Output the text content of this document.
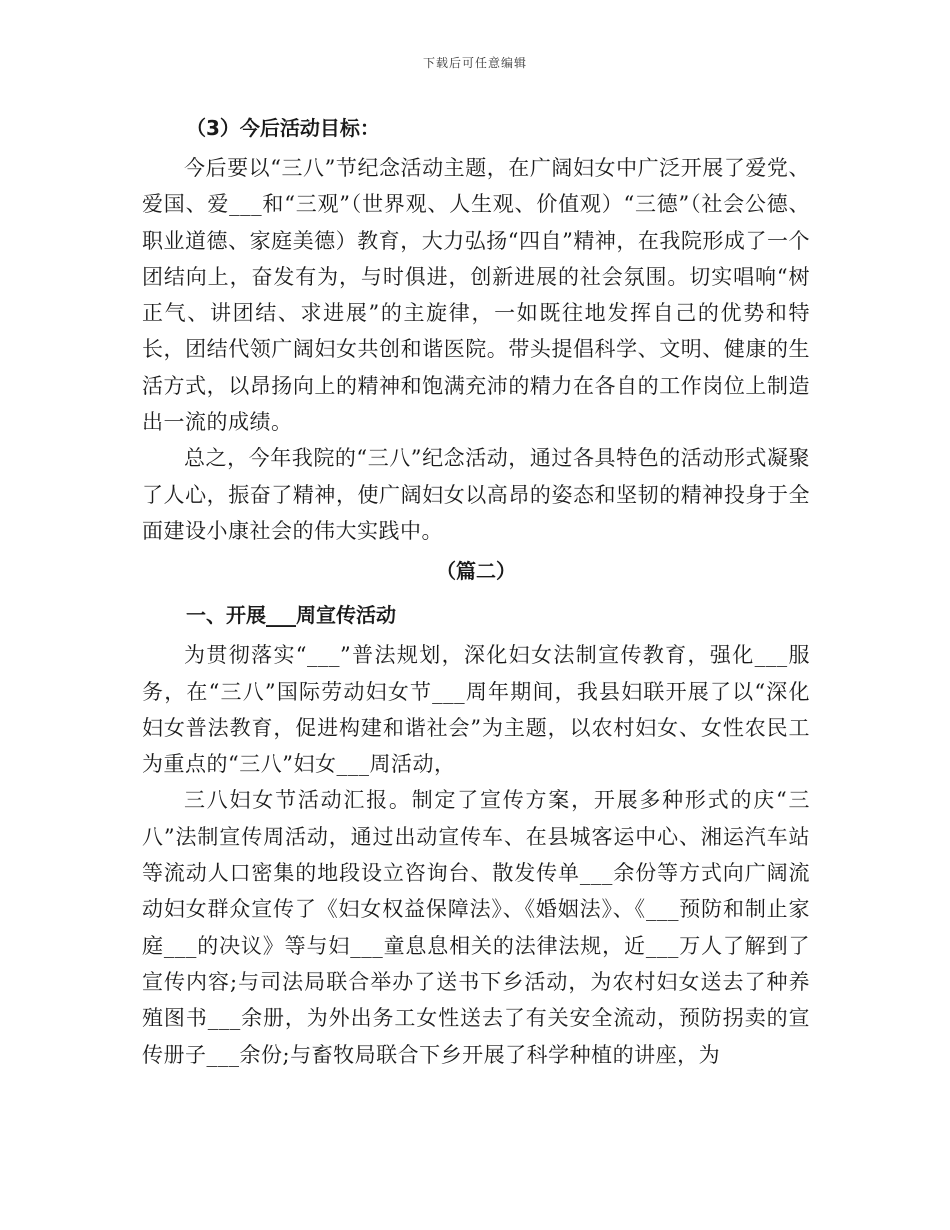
下载后可任意编辑
（3）今后活动目标：

今后要以“三八”节纪念活动主题，在广阔妇女中广泛开展了爱党、爱国、爱___和“三观”（世界观、人生观、价值观）“三德”（社会公德、职业道德、家庭美德）教育，大力弘扬“四自”精神，在我院形成了一个团结向上，奋发有为，与时俱进，创新进展的社会氛围。切实唱响“树正气、讲团结、求进展”的主旋律，一如既往地发挥自己的优势和特长，团结代领广阔妇女共创和谐医院。带头提倡科学、文明、健康的生活方式，以昂扬向上的精神和饱满充沛的精力在各自的工作岗位上制造出一流的成绩。

总之，今年我院的“三八”纪念活动，通过各具特色的活动形式凝聚了人心，振奋了精神，使广阔妇女以高昂的姿态和坚韧的精神投身于全面建设小康社会的伟大实践中。

（篇二）
一、开展___周宣传活动

为贯彻落实“___”普法规划，深化妇女法制宣传教育，强化___服务，在“三八”国际劳动妇女节___周年期间，我县妇联开展了以“深化妇女普法教育，促进构建和谐社会”为主题，以农村妇女、女性农民工为重点的“三八”妇女___周活动，

三八妇女节活动汇报。制定了宣传方案，开展多种形式的庆“三八”法制宣传周活动，通过出动宣传车、在县城客运中心、湘运汽车站等流动人口密集的地段设立咨询台、散发传单___余份等方式向广阔流动妇女群众宣传了《妇女权益保障法》、《婚姻法》、《___预防和制止家庭___的决议》等与妇___童息息相关的法律法规，近___万人了解到了宣传内容;与司法局联合举办了送书下乡活动，为农村妇女送去了种养殖图书___余册，为外出务工女性送去了有关安全流动，预防拐卖的宣传册子___余份;与畜牧局联合下乡开展了科学种植的讲座，为
